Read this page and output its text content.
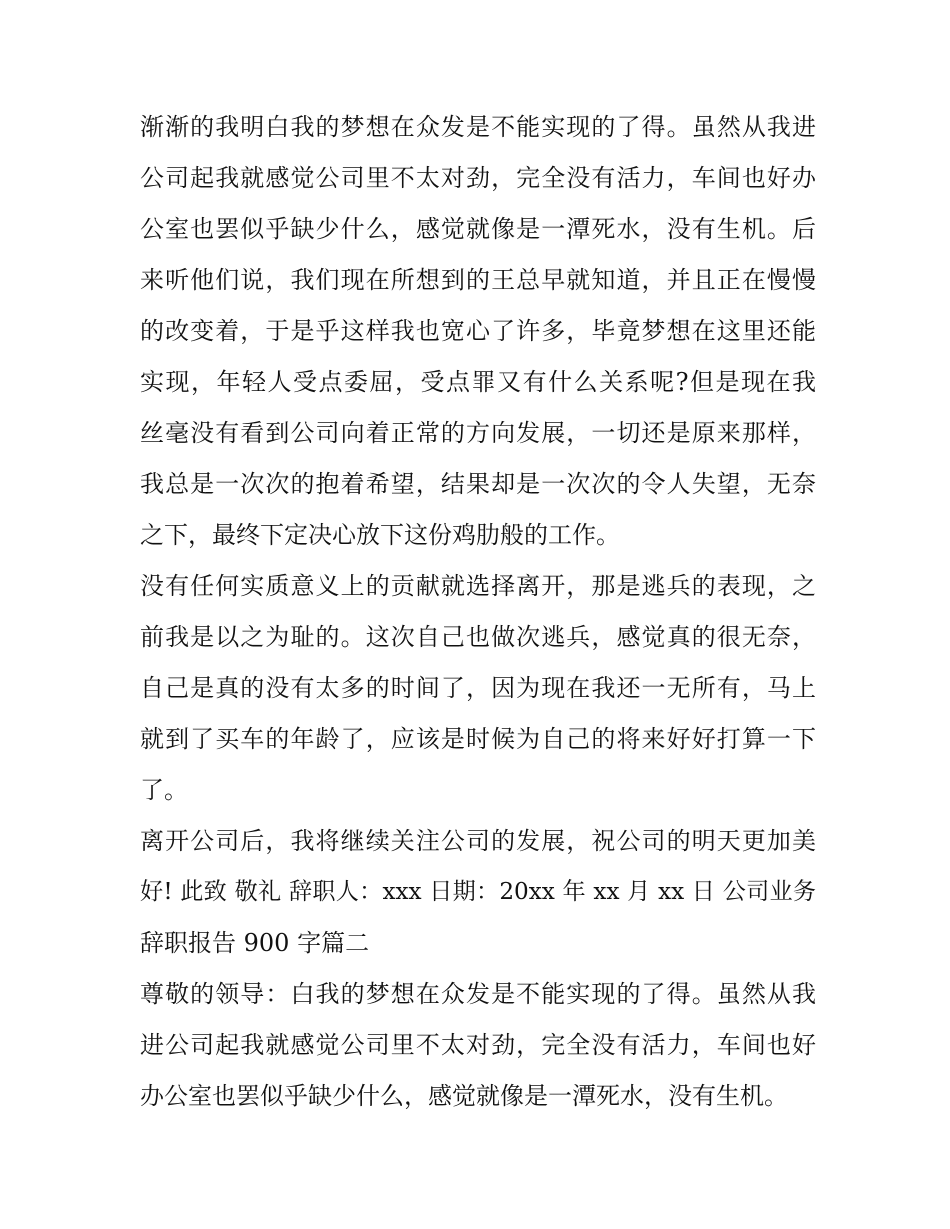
渐渐的我明白我的梦想在众发是不能实现的了得。虽然从我进
公司起我就感觉公司里不太对劲，完全没有活力，车间也好办
公室也罢似乎缺少什么，感觉就像是一潭死水，没有生机。后
来听他们说，我们现在所想到的王总早就知道，并且正在慢慢
的改变着，于是乎这样我也宽心了许多，毕竟梦想在这里还能
实现，年轻人受点委屈，受点罪又有什么关系呢?但是现在我
丝毫没有看到公司向着正常的方向发展，一切还是原来那样，
我总是一次次的抱着希望，结果却是一次次的令人失望，无奈
之下，最终下定决心放下这份鸡肋般的工作。

没有任何实质意义上的贡献就选择离开，那是逃兵的表现，之
前我是以之为耻的。这次自己也做次逃兵，感觉真的很无奈，
自己是真的没有太多的时间了，因为现在我还一无所有，马上
就到了买车的年龄了，应该是时候为自己的将来好好打算一下
了。

离开公司后，我将继续关注公司的发展，祝公司的明天更加美
好! 此致 敬礼 辞职人：xxx 日期：20xx 年 xx 月 xx 日 公司业务
辞职报告 900 字篇二

尊敬的领导：白我的梦想在众发是不能实现的了得。虽然从我
进公司起我就感觉公司里不太对劲，完全没有活力，车间也好
办公室也罢似乎缺少什么，感觉就像是一潭死水，没有生机。
